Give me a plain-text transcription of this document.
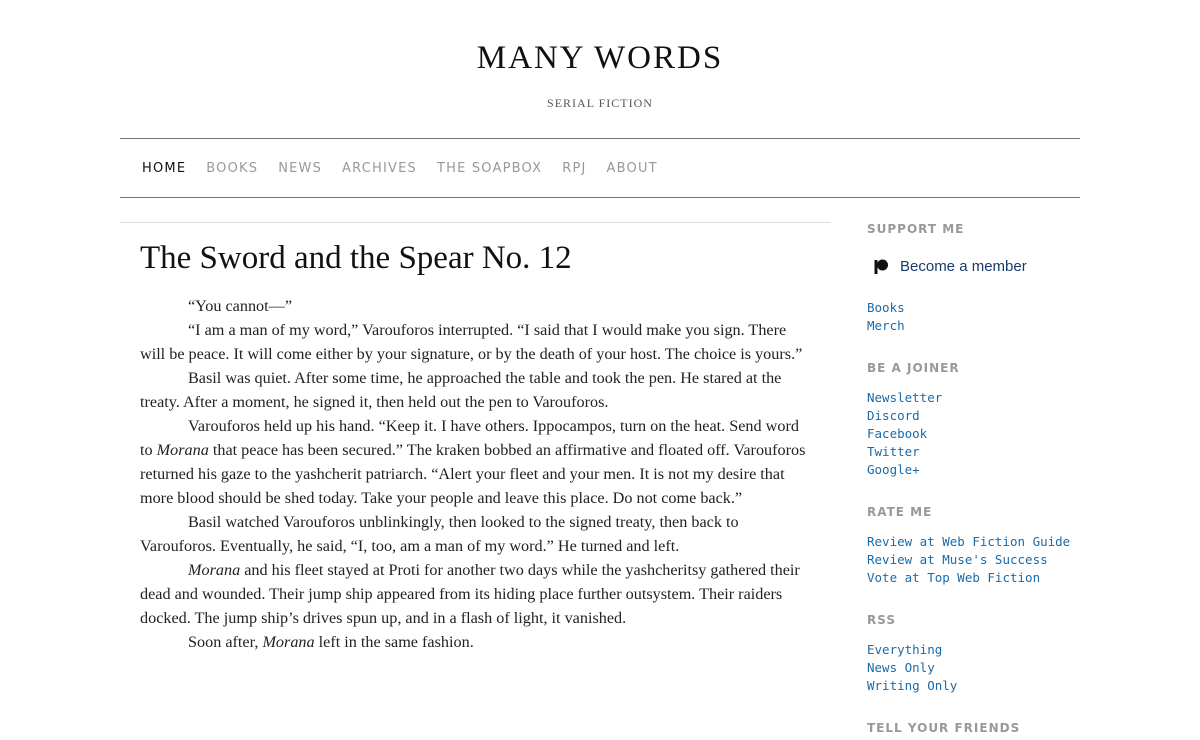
MANY WORDS
SERIAL FICTION
HOME BOOKS NEWS ARCHIVES THE SOAPBOX RPJ ABOUT
The Sword and the Spear No. 12

“You cannot—”

“I am a man of my word,” Varouforos interrupted. “I said that I would make you sign. There will be peace. It will come either by your signature, or by the death of your host. The choice is yours.”

Basil was quiet. After some time, he approached the table and took the pen. He stared at the treaty. After a moment, he signed it, then held out the pen to Varouforos.

Varouforos held up his hand. “Keep it. I have others. Ippocampos, turn on the heat. Send word to Morana that peace has been secured.” The kraken bobbed an affirmative and floated off. Varouforos returned his gaze to the yashcherit patriarch. “Alert your fleet and your men. It is not my desire that more blood should be shed today. Take your people and leave this place. Do not come back.”

Basil watched Varouforos unblinkingly, then looked to the signed treaty, then back to Varouforos. Eventually, he said, “I, too, am a man of my word.” He turned and left.

Morana and his fleet stayed at Proti for another two days while the yashcheritsy gathered their dead and wounded. Their jump ship appeared from its hiding place further outsystem. Their raiders docked. The jump ship’s drives spun up, and in a flash of light, it vanished.

Soon after, Morana left in the same fashion.

SUPPORT ME
Become a member
Books
Merch
BE A JOINER
Newsletter
Discord
Facebook
Twitter
Google+
RATE ME
Review at Web Fiction Guide
Review at Muse's Success
Vote at Top Web Fiction
RSS
Everything
News Only
Writing Only
TELL YOUR FRIENDS
